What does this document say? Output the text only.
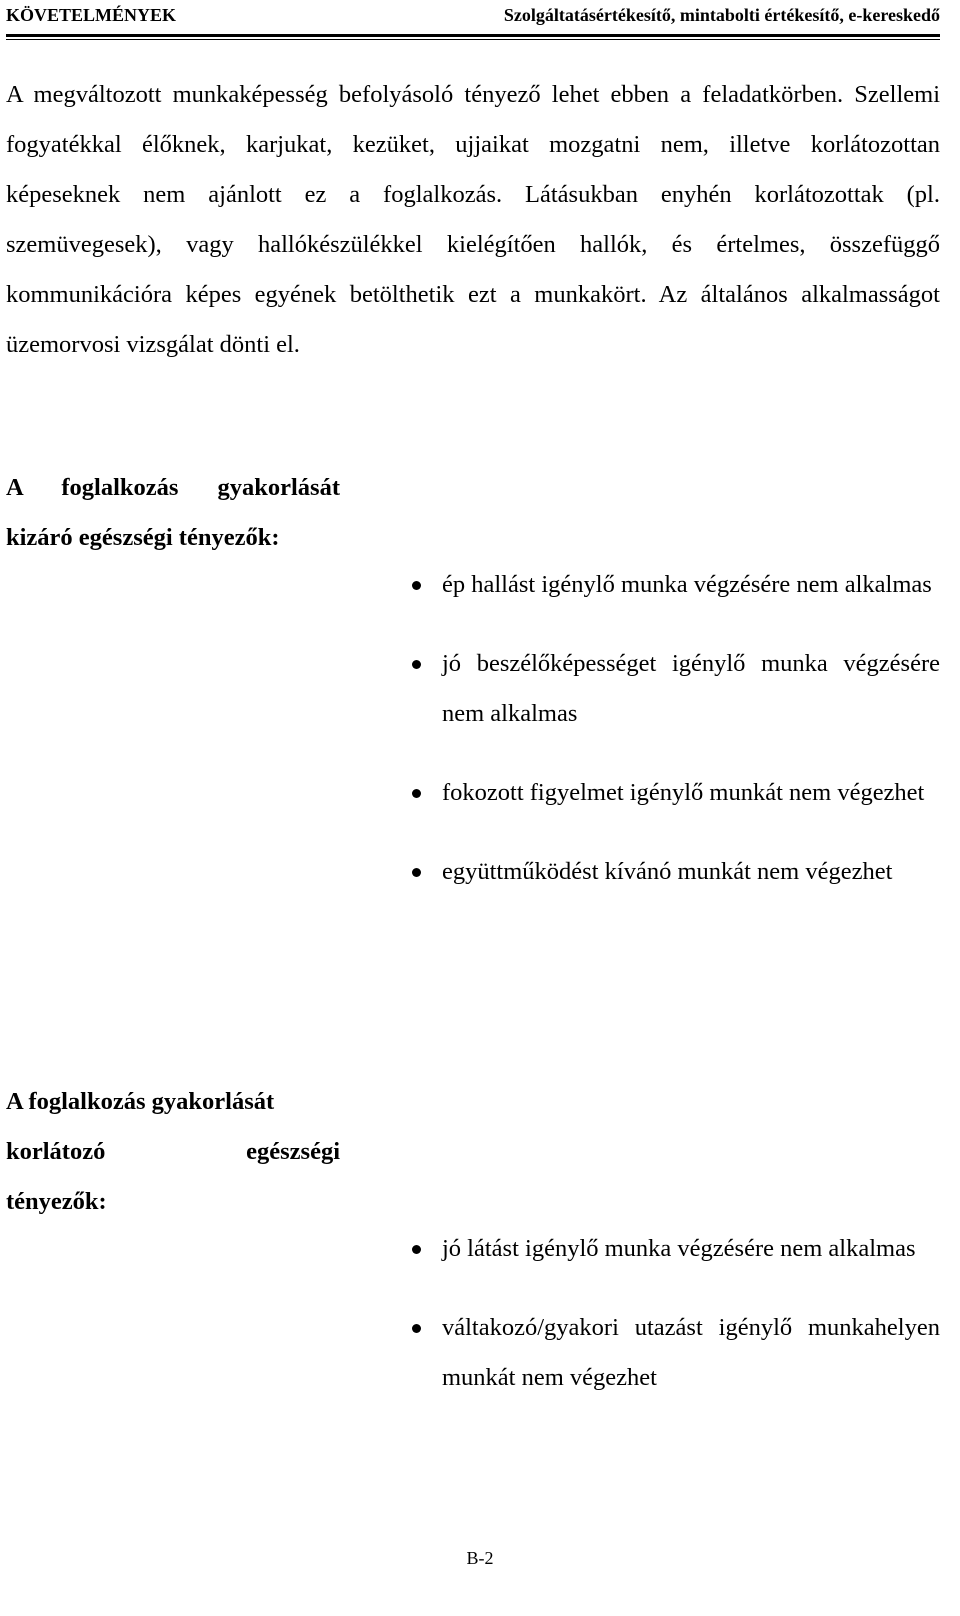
KÖVETELMÉNYEK	Szolgáltatásértékesítő, mintabolti értékesítő, e-kereskedő

A megváltozott munkaképesség befolyásoló tényező lehet ebben a feladatkörben. Szellemi fogyatékkal élőknek, karjukat, kezüket, ujjaikat mozgatni nem, illetve korlátozottan képeseknek nem ajánlott ez a foglalkozás. Látásukban enyhén korlátozottak (pl. szemüvegesek), vagy hallókészülékkel kielégítően hallók, és értelmes, összefüggő kommunikációra képes egyének betölthetik ezt a munkakört. Az általános alkalmasságot üzemorvosi vizsgálat dönti el.

A foglalkozás gyakorlását kizáró egészségi tényezők:

ép hallást igénylő munka végzésére nem alkalmas
jó beszélőképességet igénylő munka végzésére nem alkalmas
fokozott figyelmet igénylő munkát nem végezhet
együttműködést kívánó munkát nem végezhet
A foglalkozás gyakorlását
korlátozó	egészségi
tényezők:
jó látást igénylő munka végzésére nem alkalmas
váltakozó/gyakori utazást igénylő munkahelyen munkát nem végezhet
B-2
